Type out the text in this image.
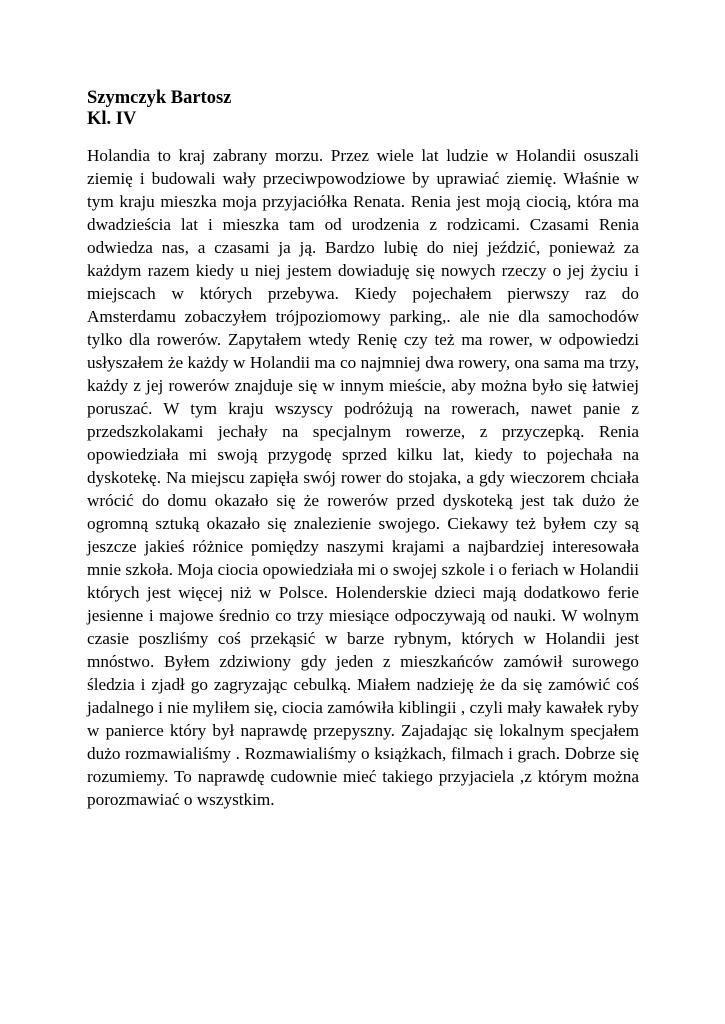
Szymczyk Bartosz

Kl. IV

Holandia to kraj zabrany morzu. Przez wiele lat ludzie w Holandii osuszali
ziemię i budowali wały przeciwpowodziowe by uprawiać ziemię. Właśnie w
tym kraju mieszka moja przyjaciółka Renata. Renia jest moją ciocią, która ma
dwadzieścia lat i mieszka tam od urodzenia z rodzicami. Czasami Renia
odwiedza nas, a czasami ja ją. Bardzo lubię do niej jeździć, ponieważ za
każdym razem kiedy u niej jestem dowiaduję się nowych rzeczy o jej życiu i
miejscach w których przebywa. Kiedy pojechałem pierwszy raz do
Amsterdamu zobaczyłem trójpoziomowy parking,. ale nie dla samochodów
tylko dla rowerów. Zapytałem wtedy Renię czy też ma rower, w odpowiedzi
usłyszałem że każdy w Holandii ma co najmniej dwa rowery, ona sama ma trzy,
każdy z jej rowerów znajduje się w innym mieście, aby można było się łatwiej
poruszać. W tym kraju wszyscy podróżują na rowerach, nawet panie z
przedszkolakami jechały na specjalnym rowerze, z przyczepką. Renia
opowiedziała mi swoją przygodę sprzed kilku lat, kiedy to pojechała na
dyskotekę. Na miejscu zapięła swój rower do stojaka, a gdy wieczorem chciała
wrócić do domu okazało się że rowerów przed dyskoteką jest tak dużo że
ogromną sztuką okazało się znalezienie swojego. Ciekawy też byłem czy są
jeszcze jakieś różnice pomiędzy naszymi krajami a najbardziej interesowała
mnie szkoła. Moja ciocia opowiedziała mi o swojej szkole i o feriach w Holandii
których jest więcej niż w Polsce. Holenderskie dzieci mają dodatkowo ferie
jesienne i majowe średnio co trzy miesiące odpoczywają od nauki. W wolnym
czasie poszliśmy coś przekąsić w barze rybnym, których w Holandii jest
mnóstwo. Byłem zdziwiony gdy jeden z mieszkańców zamówił surowego
śledzia i zjadł go zagryzając cebulką. Miałem nadzieję że da się zamówić coś
jadalnego i nie myliłem się, ciocia zamówiła kiblingii , czyli mały kawałek ryby
w panierce który był naprawdę przepyszny. Zajadając się lokalnym specjałem
dużo rozmawialiśmy . Rozmawialiśmy o książkach, filmach i grach. Dobrze się
rozumiemy. To naprawdę cudownie mieć takiego przyjaciela ,z którym można
porozmawiać o wszystkim.
